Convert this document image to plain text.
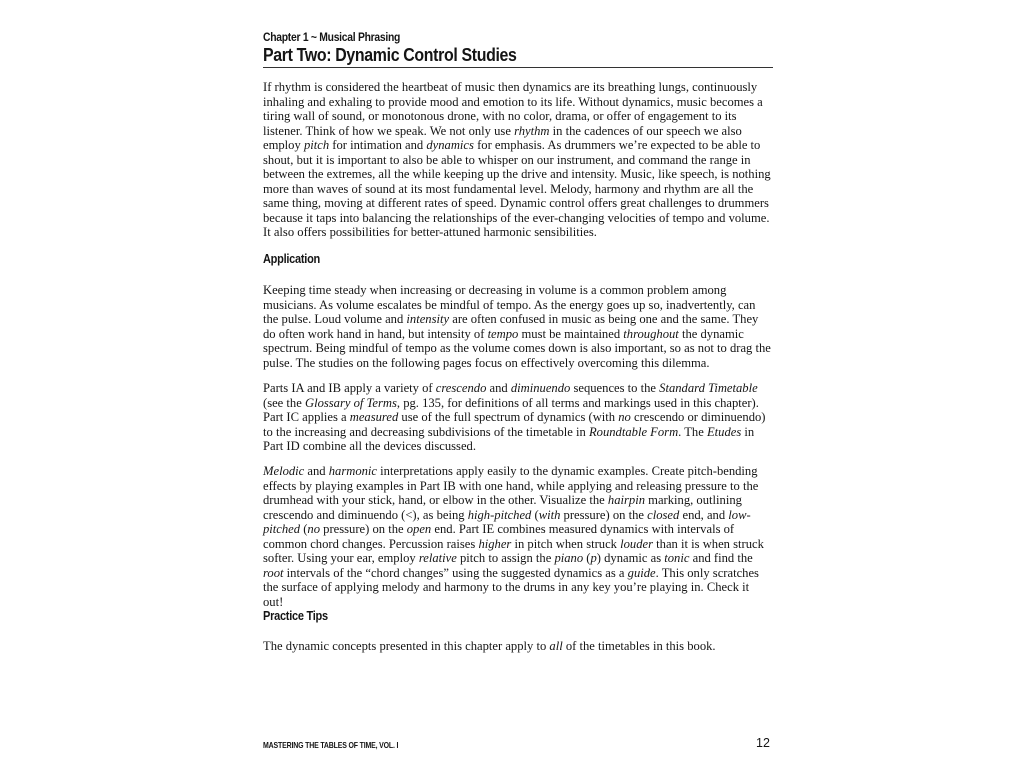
Chapter 1 ~ Musical Phrasing
Part Two: Dynamic Control Studies

If rhythm is considered the heartbeat of music then dynamics are its breathing lungs, continuously inhaling and exhaling to provide mood and emotion to its life. Without dynamics, music becomes a tiring wall of sound, or monotonous drone, with no color, drama, or offer of engagement to its listener. Think of how we speak. We not only use rhythm in the cadences of our speech we also employ pitch for intimation and dynamics for emphasis. As drummers we’re expected to be able to shout, but it is important to also be able to whisper on our instrument, and command the range in between the extremes, all the while keeping up the drive and intensity. Music, like speech, is nothing more than waves of sound at its most fundamental level. Melody, harmony and rhythm are all the same thing, moving at different rates of speed. Dynamic control offers great challenges to drummers because it taps into balancing the relationships of the ever-changing velocities of tempo and volume. It also offers possibilities for better-attuned harmonic sensibilities.

Application

Keeping time steady when increasing or decreasing in volume is a common problem among musicians. As volume escalates be mindful of tempo. As the energy goes up so, inadvertently, can the pulse. Loud volume and intensity are often confused in music as being one and the same. They do often work hand in hand, but intensity of tempo must be maintained throughout the dynamic spectrum. Being mindful of tempo as the volume comes down is also important, so as not to drag the pulse. The studies on the following pages focus on effectively overcoming this dilemma.

Parts IA and IB apply a variety of crescendo and diminuendo sequences to the Standard Timetable (see the Glossary of Terms, pg. 135, for definitions of all terms and markings used in this chapter). Part IC applies a measured use of the full spectrum of dynamics (with no crescendo or diminuendo) to the increasing and decreasing subdivisions of the timetable in Roundtable Form. The Etudes in Part ID combine all the devices discussed.

Melodic and harmonic interpretations apply easily to the dynamic examples. Create pitch-bending effects by playing examples in Part IB with one hand, while applying and releasing pressure to the drumhead with your stick, hand, or elbow in the other. Visualize the hairpin marking, outlining crescendo and diminuendo (<), as being high-pitched (with pressure) on the closed end, and low-pitched (no pressure) on the open end. Part IE combines measured dynamics with intervals of common chord changes. Percussion raises higher in pitch when struck louder than it is when struck softer. Using your ear, employ relative pitch to assign the piano (p) dynamic as tonic and find the root intervals of the “chord changes” using the suggested dynamics as a guide. This only scratches the surface of applying melody and harmony to the drums in any key you’re playing in. Check it out!

Practice Tips

The dynamic concepts presented in this chapter apply to all of the timetables in this book.

MASTERING THE TABLES OF TIME, VOL. I	12
